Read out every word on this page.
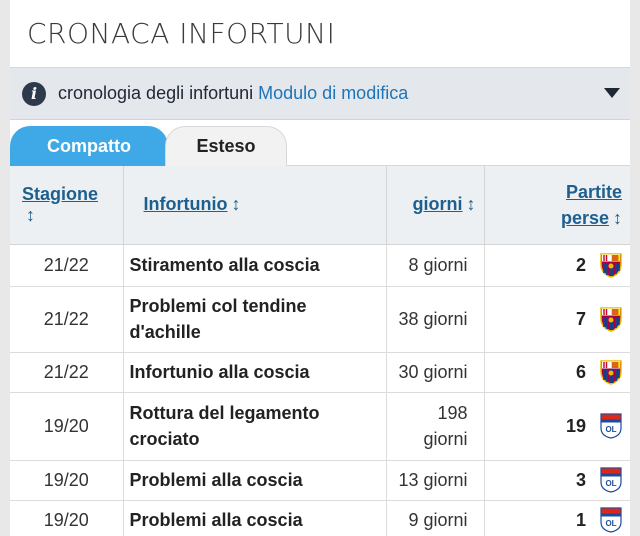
CRONACA INFORTUNI
i	cronologia degli infortuni Modulo di modifica
Compatto	Esteso
Stagione↕	Infortunio ↕	giorni ↕	Partite
perse ↕
21/22	Stiramento alla coscia	8 giorni	2

21/22	Problemi col tendine d'achille	38 giorni	7

21/22	Infortunio alla coscia	30 giorni	6

19/20	Rottura del legamento crociato	198 giorni	19 OL

19/20	Problemi alla coscia	13 giorni	3 OL

19/20	Problemi alla coscia	9 giorni	1 OL
